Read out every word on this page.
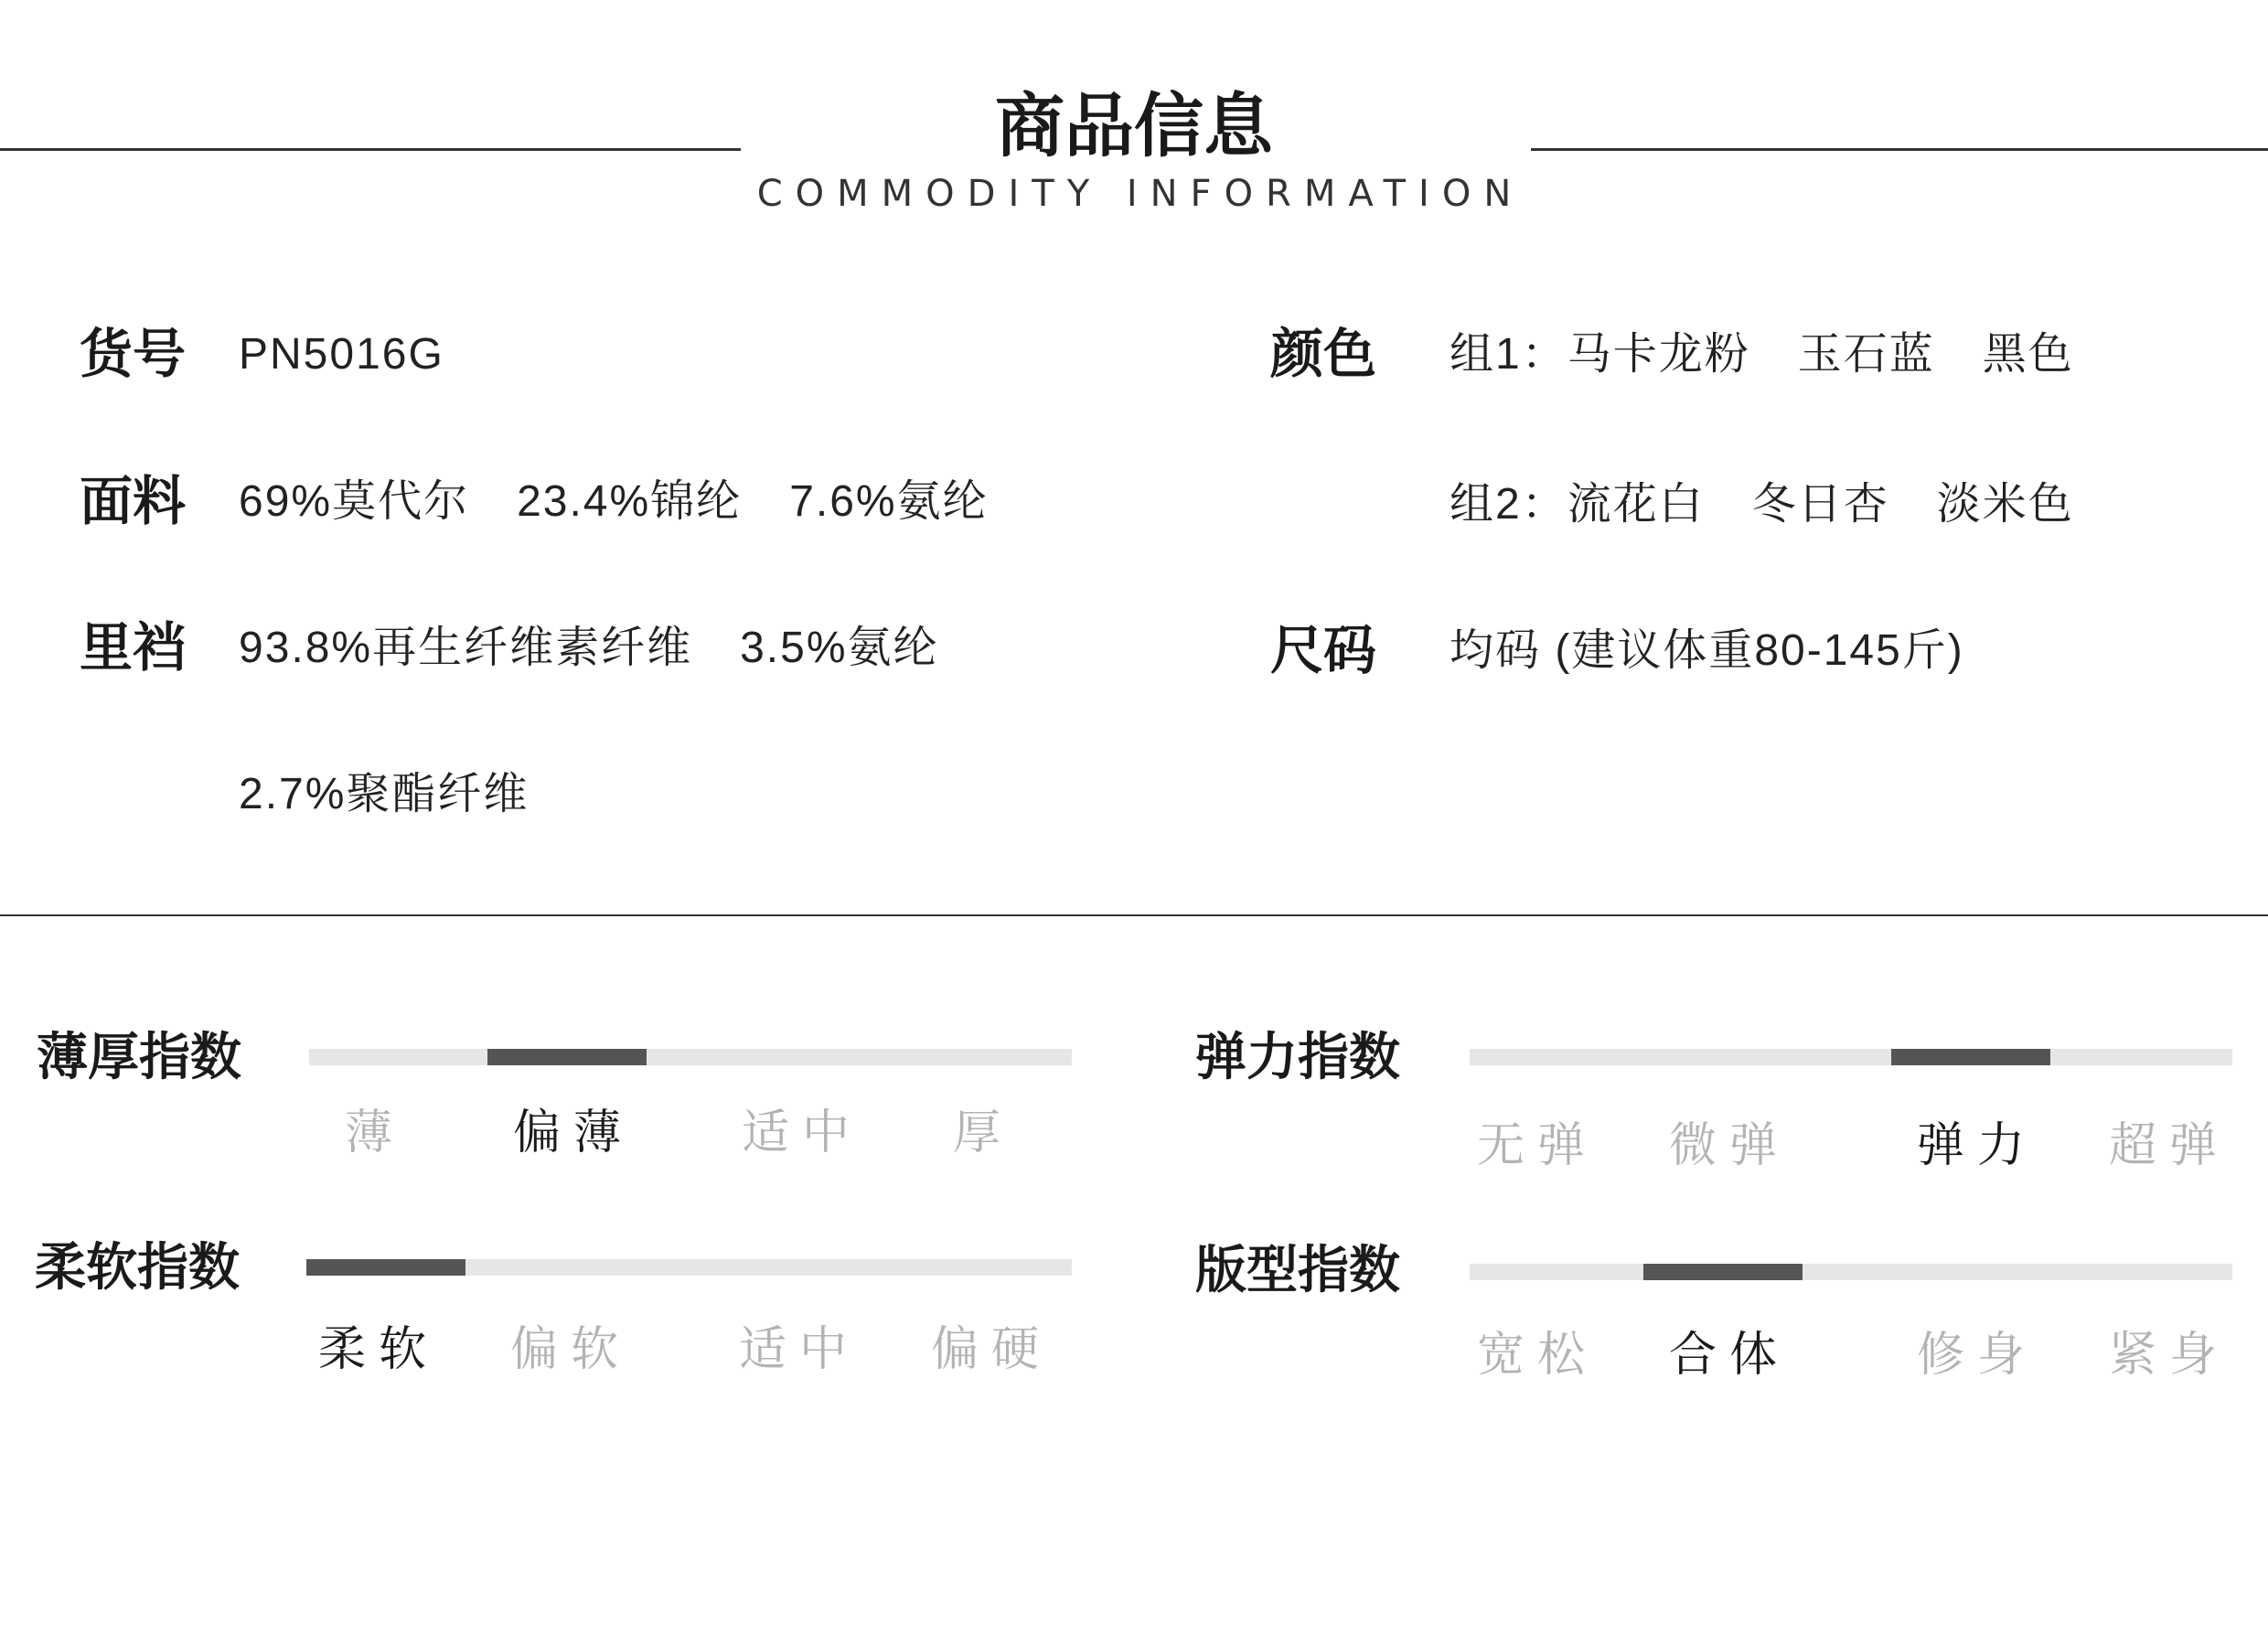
商品信息
COMMODITY INFORMATION
货号 PN5016G
面料 69%莫代尔 23.4%锦纶 7.6%氨纶
里裆 93.8%再生纤维素纤维 3.5%氨纶
2.7%聚酯纤维
颜色 组1： 马卡龙粉 玉石蓝 黑色
组2： 流花白 冬日杏 淡米色
尺码 均码 (建议体重80-145斤)
薄厚指数
薄 偏薄 适中 厚
柔软指数
柔软 偏软 适中 偏硬
弹力指数
无弹 微弹	弹力 超弹
版型指数
宽松 合体	修身 紧身
